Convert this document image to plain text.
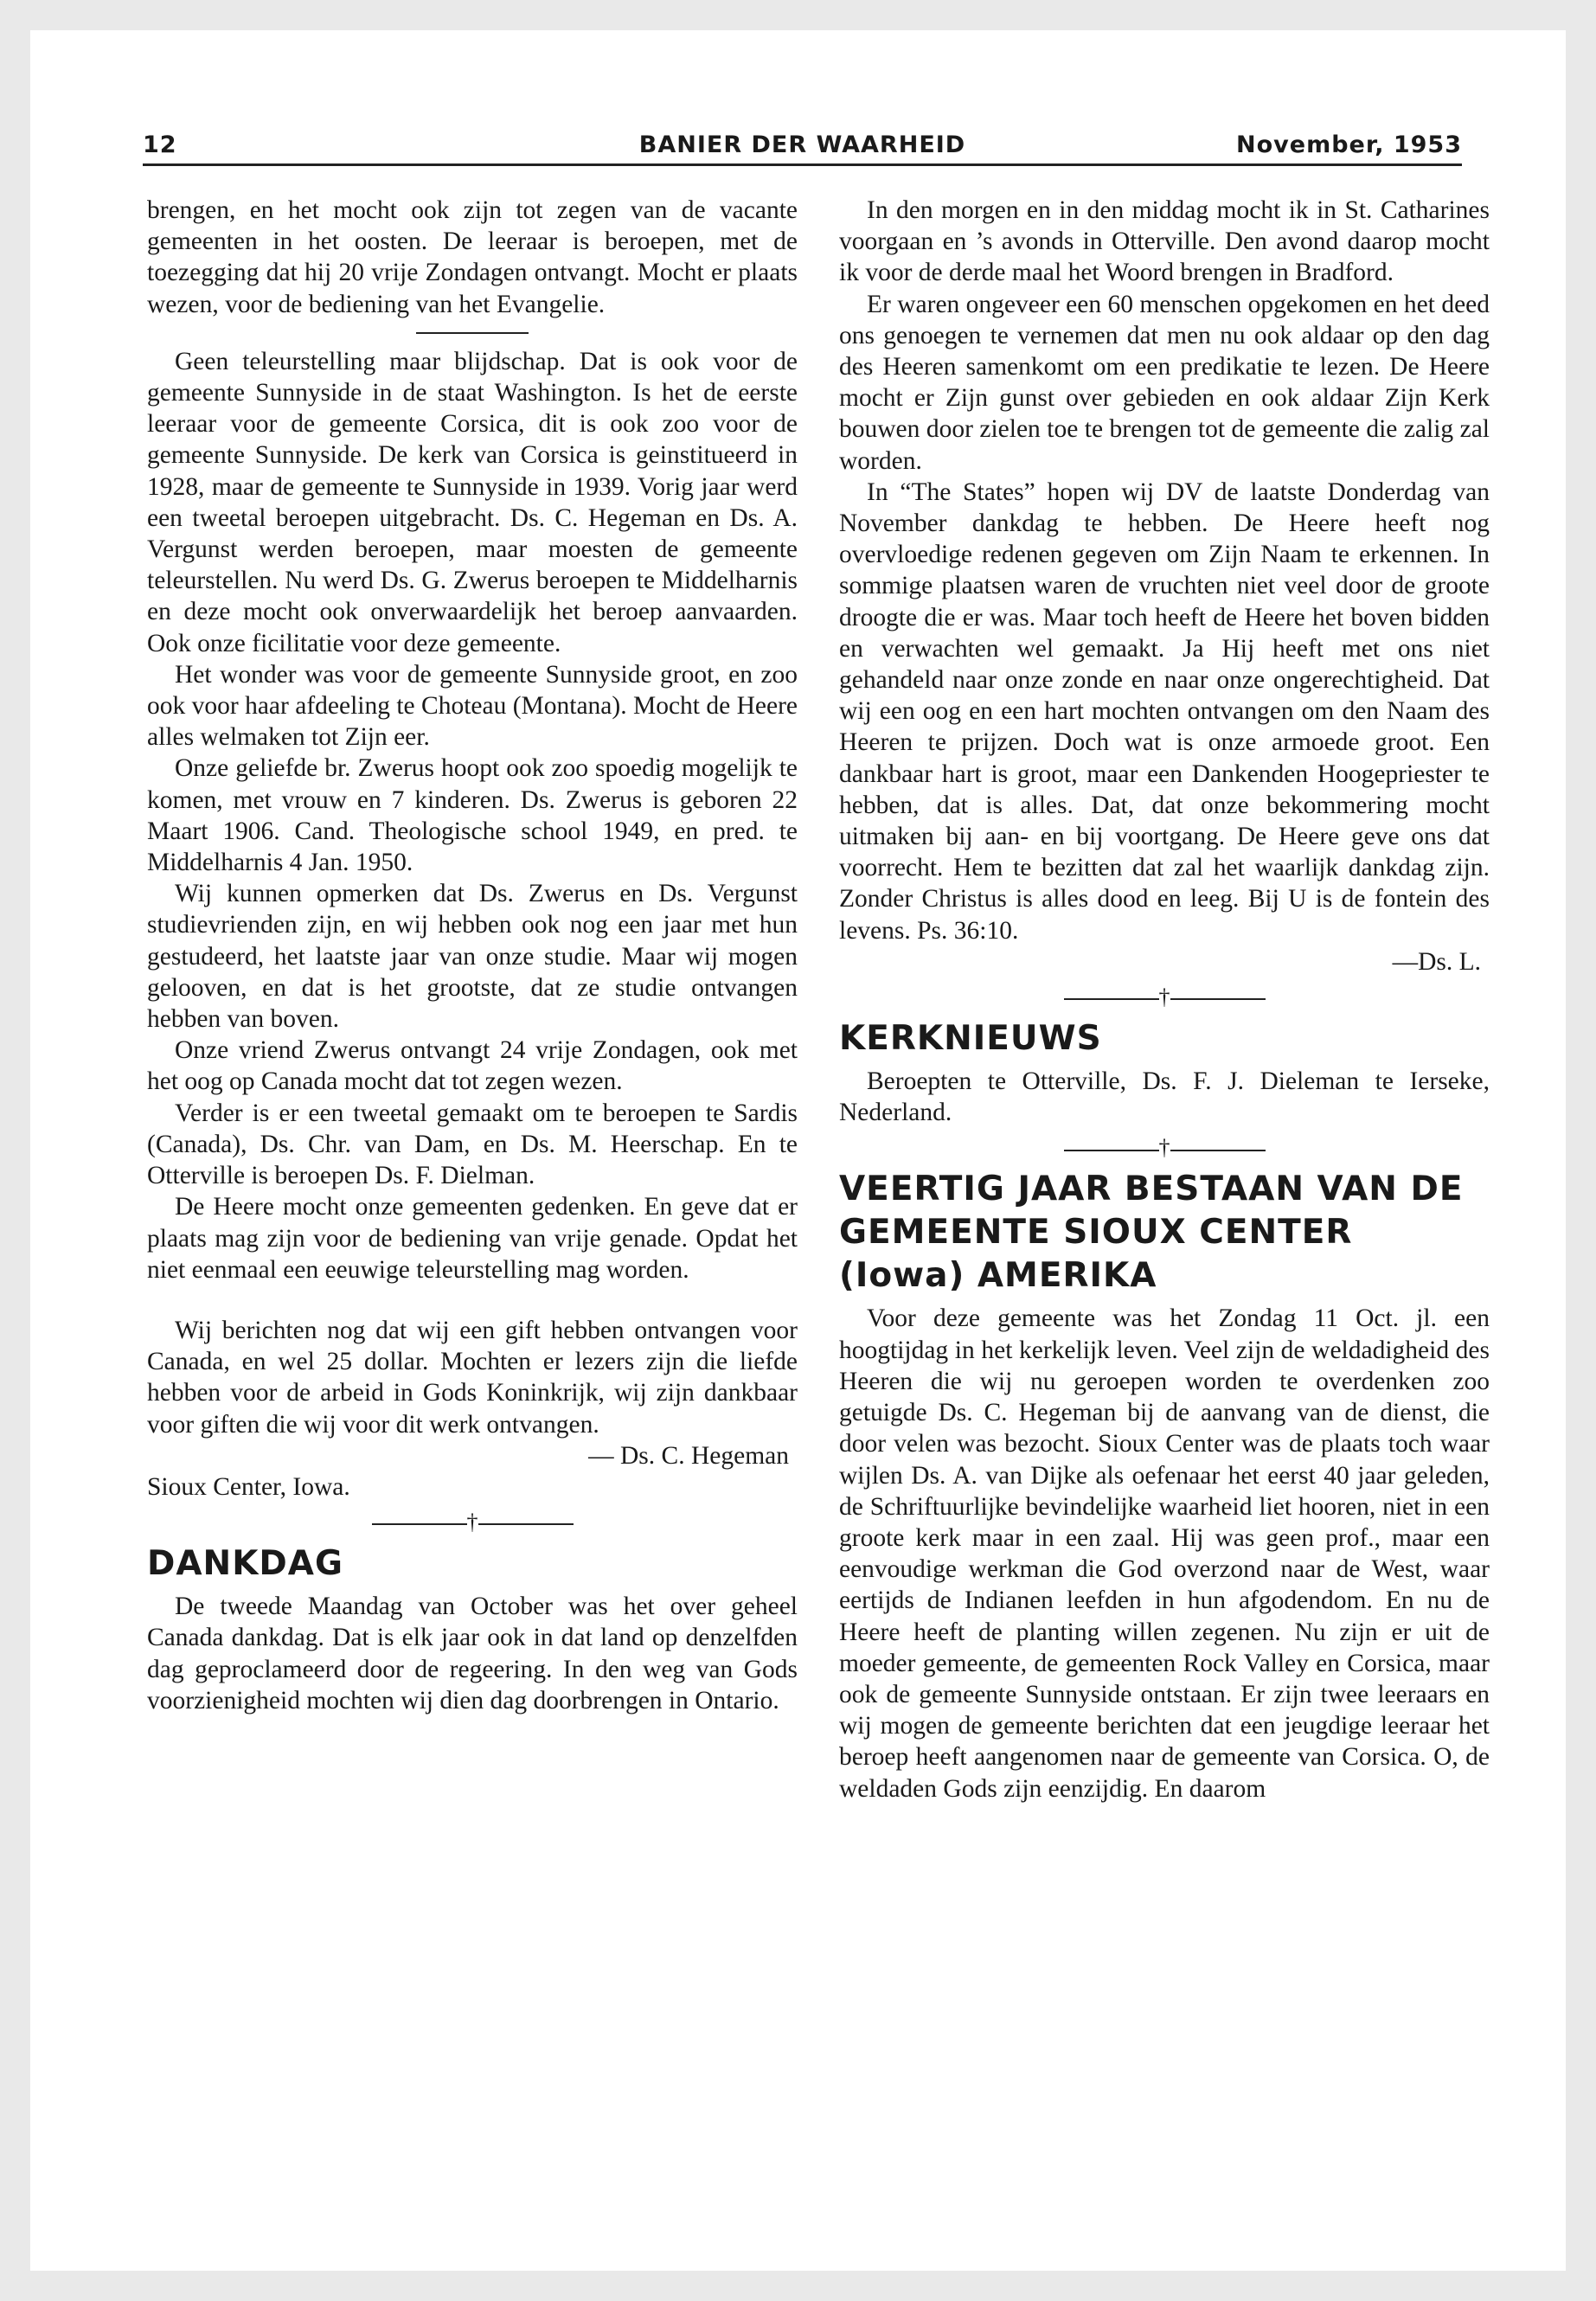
12	BANIER DER WAARHEID	November, 1953

brengen, en het mocht ook zijn tot zegen van de vacante gemeenten in het oosten. De leeraar is beroepen, met de toezegging dat hij 20 vrije Zondagen ontvangt. Mocht er plaats wezen, voor de bediening van het Evangelie.

Geen teleurstelling maar blijdschap. Dat is ook voor de gemeente Sunnyside in de staat Washington. Is het de eerste leeraar voor de gemeente Corsica, dit is ook zoo voor de gemeente Sunnyside. De kerk van Corsica is geinstitueerd in 1928, maar de gemeente te Sunnyside in 1939. Vorig jaar werd een tweetal beroepen uitgebracht. Ds. C. Hegeman en Ds. A. Vergunst werden beroepen, maar moesten de gemeente teleurstellen. Nu werd Ds. G. Zwerus beroepen te Middelharnis en deze mocht ook onverwaardelijk het beroep aanvaarden. Ook onze ficilitatie voor deze gemeente.

Het wonder was voor de gemeente Sunnyside groot, en zoo ook voor haar afdeeling te Choteau (Montana). Mocht de Heere alles welmaken tot Zijn eer.

Onze geliefde br. Zwerus hoopt ook zoo spoedig mogelijk te komen, met vrouw en 7 kinderen. Ds. Zwerus is geboren 22 Maart 1906. Cand. Theologische school 1949, en pred. te Middelharnis 4 Jan. 1950.

Wij kunnen opmerken dat Ds. Zwerus en Ds. Vergunst studievrienden zijn, en wij hebben ook nog een jaar met hun gestudeerd, het laatste jaar van onze studie. Maar wij mogen gelooven, en dat is het grootste, dat ze studie ontvangen hebben van boven.

Onze vriend Zwerus ontvangt 24 vrije Zondagen, ook met het oog op Canada mocht dat tot zegen wezen.

Verder is er een tweetal gemaakt om te beroepen te Sardis (Canada), Ds. Chr. van Dam, en Ds. M. Heerschap. En te Otterville is beroepen Ds. F. Dielman.

De Heere mocht onze gemeenten gedenken. En geve dat er plaats mag zijn voor de bediening van vrije genade. Opdat het niet eenmaal een eeuwige teleurstelling mag worden.

Wij berichten nog dat wij een gift hebben ontvangen voor Canada, en wel 25 dollar. Mochten er lezers zijn die liefde hebben voor de arbeid in Gods Koninkrijk, wij zijn dankbaar voor giften die wij voor dit werk ontvangen.

— Ds. C. Hegeman

Sioux Center, Iowa.

†
DANKDAG

De tweede Maandag van October was het over geheel Canada dankdag. Dat is elk jaar ook in dat land op denzelfden dag geproclameerd door de regeering. In den weg van Gods voorzienigheid mochten wij dien dag doorbrengen in Ontario.

In den morgen en in den middag mocht ik in St. Catharines voorgaan en ’s avonds in Otterville. Den avond daarop mocht ik voor de derde maal het Woord brengen in Bradford.

Er waren ongeveer een 60 menschen opgekomen en het deed ons genoegen te vernemen dat men nu ook aldaar op den dag des Heeren samenkomt om een predikatie te lezen. De Heere mocht er Zijn gunst over gebieden en ook aldaar Zijn Kerk bouwen door zielen toe te brengen tot de gemeente die zalig zal worden.

In “The States” hopen wij DV de laatste Donderdag van November dankdag te hebben. De Heere heeft nog overvloedige redenen gegeven om Zijn Naam te erkennen. In sommige plaatsen waren de vruchten niet veel door de groote droogte die er was. Maar toch heeft de Heere het boven bidden en verwachten wel gemaakt. Ja Hij heeft met ons niet gehandeld naar onze zonde en naar onze ongerechtigheid. Dat wij een oog en een hart mochten ontvangen om den Naam des Heeren te prijzen. Doch wat is onze armoede groot. Een dankbaar hart is groot, maar een Dankenden Hoogepriester te hebben, dat is alles. Dat, dat onze bekommering mocht uitmaken bij aan- en bij voortgang. De Heere geve ons dat voorrecht. Hem te bezitten dat zal het waarlijk dankdag zijn. Zonder Christus is alles dood en leeg. Bij U is de fontein des levens. Ps. 36:10.

—Ds. L.

†
KERKNIEUWS

Beroepten te Otterville, Ds. F. J. Dieleman te Ierseke, Nederland.

†
VEERTIG JAAR BESTAAN VAN DE
GEMEENTE SIOUX CENTER
(Iowa) AMERIKA

Voor deze gemeente was het Zondag 11 Oct. jl. een hoogtijdag in het kerkelijk leven. Veel zijn de weldadigheid des Heeren die wij nu geroepen worden te overdenken zoo getuigde Ds. C. Hegeman bij de aanvang van de dienst, die door velen was bezocht. Sioux Center was de plaats toch waar wijlen Ds. A. van Dijke als oefenaar het eerst 40 jaar geleden, de Schriftuurlijke bevindelijke waarheid liet hooren, niet in een groote kerk maar in een zaal. Hij was geen prof., maar een eenvoudige werkman die God overzond naar de West, waar eertijds de Indianen leefden in hun afgodendom. En nu de Heere heeft de planting willen zegenen. Nu zijn er uit de moeder gemeente, de gemeenten Rock Valley en Corsica, maar ook de gemeente Sunnyside ontstaan. Er zijn twee leeraars en wij mogen de gemeente berichten dat een jeugdige leeraar het beroep heeft aangenomen naar de gemeente van Corsica. O, de weldaden Gods zijn eenzijdig. En daarom
